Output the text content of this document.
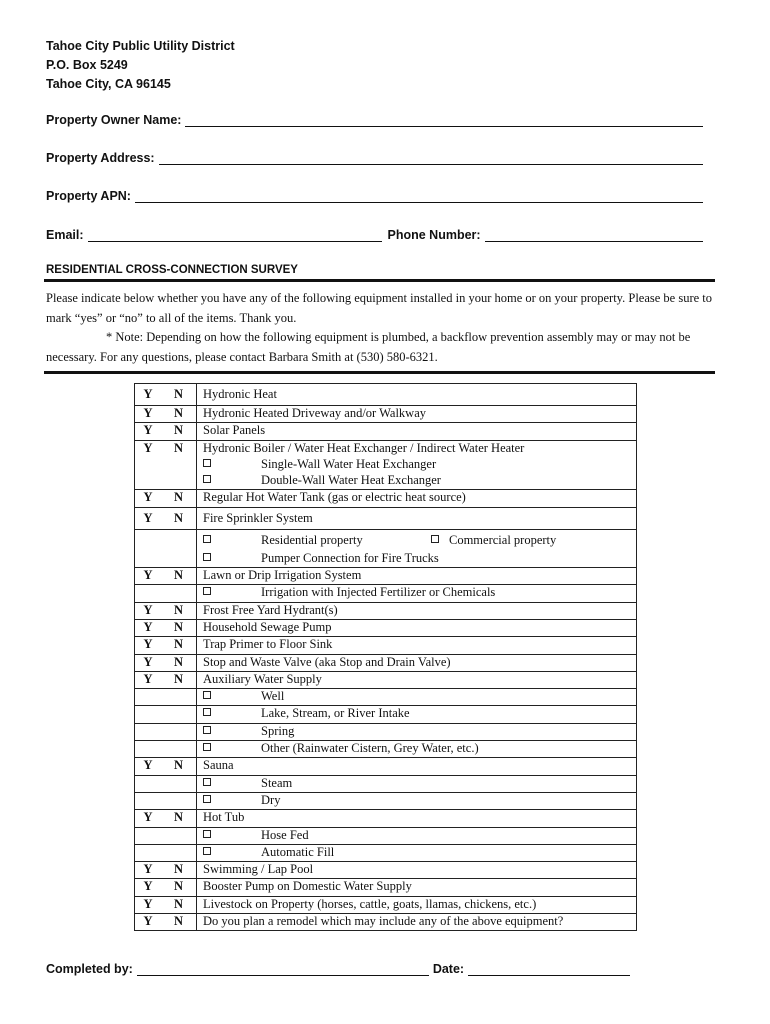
Tahoe City Public Utility District
P.O. Box 5249
Tahoe City, CA 96145
Property Owner Name:
Property Address:
Property APN:
Email:	Phone Number:
RESIDENTIAL CROSS-CONNECTION SURVEY

Please indicate below whether you have any of the following equipment installed in your home or on your property. Please be sure to mark “yes” or “no” to all of the items. Thank you.

* Note: Depending on how the following equipment is plumbed, a backflow prevention assembly may or may not be necessary. For any questions, please contact Barbara Smith at (530) 580-6321.

Y	N	Hydronic Heat
Y	N	Hydronic Heated Driveway and/or Walkway
Y	N	Solar Panels
Y	N	Hydronic Boiler / Water Heat Exchanger / Indirect Water Heater
		Single-Wall Water Heat Exchanger
		Double-Wall Water Heat Exchanger
Y	N	Regular Hot Water Tank (gas or electric heat source)
Y	N	Fire Sprinkler System
		Residential property Commercial property
		Pumper Connection for Fire Trucks
Y	N	Lawn or Drip Irrigation System
		Irrigation with Injected Fertilizer or Chemicals
Y	N	Frost Free Yard Hydrant(s)
Y	N	Household Sewage Pump
Y	N	Trap Primer to Floor Sink
Y	N	Stop and Waste Valve (aka Stop and Drain Valve)
Y	N	Auxiliary Water Supply
		Well
		Lake, Stream, or River Intake
		Spring
		Other (Rainwater Cistern, Grey Water, etc.)
Y	N	Sauna
		Steam
		Dry
Y	N	Hot Tub
		Hose Fed
		Automatic Fill
Y	N	Swimming / Lap Pool
Y	N	Booster Pump on Domestic Water Supply
Y	N	Livestock on Property (horses, cattle, goats, llamas, chickens, etc.)
Y	N	Do you plan a remodel which may include any of the above equipment?
Completed by:	Date:
